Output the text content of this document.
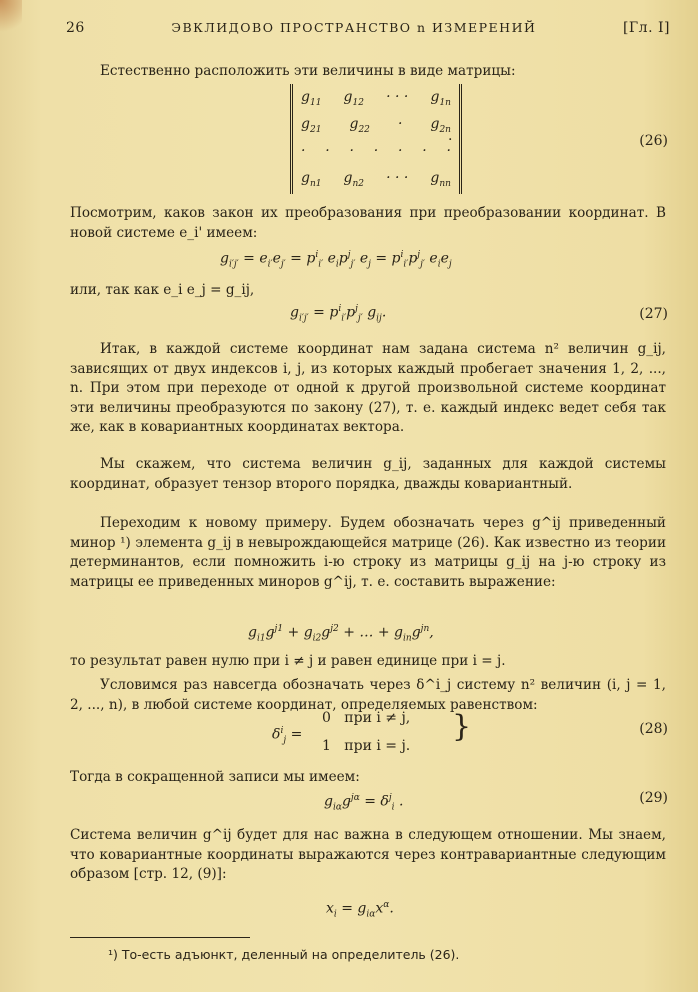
26	ЭВКЛИДОВО ПРОСТРАНСТВО n ИЗМЕРЕНИЙ	[Гл. I]
Естественно расположить эти величины в виде матрицы:
$g_{11}$ $g_{12}$ · · · $g_{1n}$
$g_{21}$ $g_{22} \cdot g_{2n}$
· · · · · · ·
$g_{n1}$ $g_{n2}$ · · · $g_{nn}$
.	(26)
Посмотрим, каков закон их преобразования при преобразовании координат. В новой системе e_i' имеем:
$g_{i'j'} = e_{i'}e_{j'} = p^i_{i'}$ $e_ip^j_{j'}$ $e_j = p^i_{i'}p^j_{j'}$ $e_ie_j$
или, так как e_i e_j = g_ij,
$g_{i'j'} = p^i_{i'}p^j_{j'}$ $g_{ij}$.	(27)
Итак, в каждой системе координат нам задана система n² величин g_ij, зависящих от двух индексов i, j, из которых каждый пробегает значения 1, 2, ..., n. При этом при переходе от одной к другой произвольной системе координат эти величины преобразуются по закону (27), т. е. каждый индекс ведет себя так же, как в ковариантных координатах вектора.
Мы скажем, что система величин g_ij, заданных для каждой системы координат, образует тензор второго порядка, дважды ковариантный.
Переходим к новому примеру. Будем обозначать через g^ij приведенный минор ¹) элемента g_ij в невырождающейся матрице (26). Как известно из теории детерминантов, если помножить i-ю строку из матрицы g_ij на j-ю строку из матрицы ее приведенных миноров g^ij, т. е. составить выражение:
$g_{i1}g^{j1} + g_{i2}g^{j2}$ + … + $g_{in}g^{jn}$,
то результат равен нулю при i ≠ j и равен единице при i = j.
Условимся раз навсегда обозначать через δ^i_j систему n² величин (i, j = 1, 2, ..., n), в любой системе координат, определяемых равенством:
$\delta^i_j$ =
0 при i ≠ j,
1 при i = j.
}	(28)
Тогда в сокращенной записи мы имеем:
$g_{i\alpha}g^{j\alpha} = \delta^j_i$ .	(29)
Система величин g^ij будет для нас важна в следующем отношении. Мы знаем, что ковариантные координаты выражаются через контравариантные следующим образом [стр. 12, (9)]:
$x_i = g_{i\alpha}x^\alpha$.
¹) То-есть адъюнкт, деленный на определитель (26).
